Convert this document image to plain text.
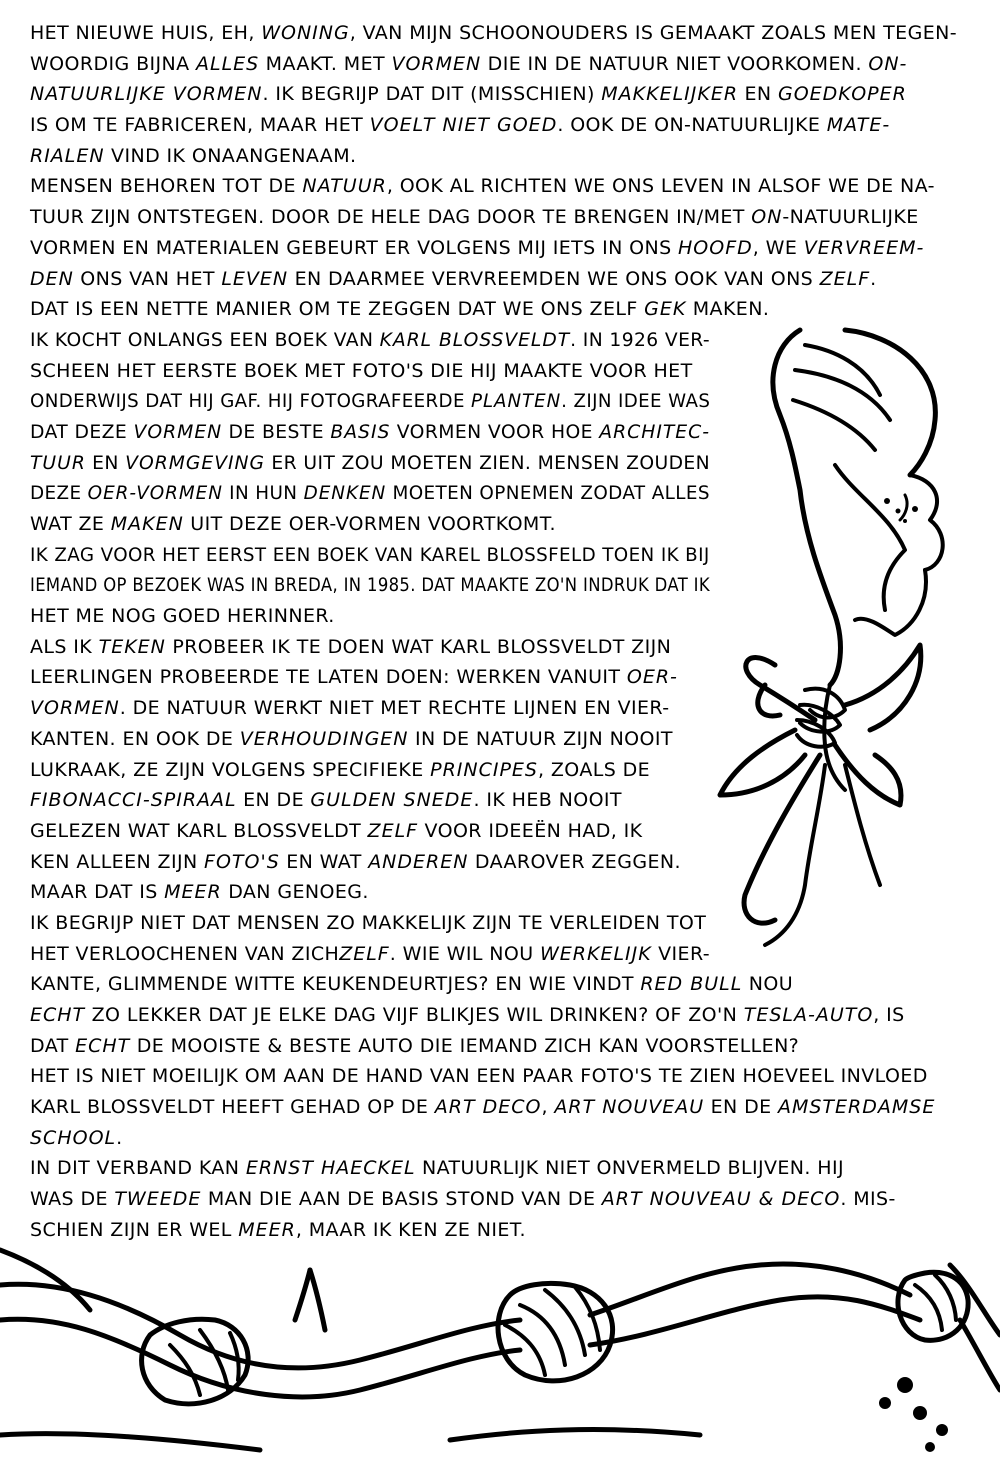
HET NIEUWE HUIS, EH, WONING, VAN MIJN SCHOONOUDERS IS GEMAAKT ZOALS MEN TEGEN-
WOORDIG BIJNA ALLES MAAKT. MET VORMEN DIE IN DE NATUUR NIET VOORKOMEN. ON-
NATUURLIJKE VORMEN. IK BEGRIJP DAT DIT (MISSCHIEN) MAKKELIJKER EN GOEDKOPER
IS OM TE FABRICEREN, MAAR HET VOELT NIET GOED. OOK DE ON-NATUURLIJKE MATE-
RIALEN VIND IK ONAANGENAAM.
MENSEN BEHOREN TOT DE NATUUR, OOK AL RICHTEN WE ONS LEVEN IN ALSOF WE DE NA-
TUUR ZIJN ONTSTEGEN. DOOR DE HELE DAG DOOR TE BRENGEN IN/MET ON-NATUURLIJKE
VORMEN EN MATERIALEN GEBEURT ER VOLGENS MIJ IETS IN ONS HOOFD, WE VERVREEM-
DEN ONS VAN HET LEVEN EN DAARMEE VERVREEMDEN WE ONS OOK VAN ONS ZELF.
DAT IS EEN NETTE MANIER OM TE ZEGGEN DAT WE ONS ZELF GEK MAKEN.
IK KOCHT ONLANGS EEN BOEK VAN KARL BLOSSVELDT. IN 1926 VER-
SCHEEN HET EERSTE BOEK MET FOTO'S DIE HIJ MAAKTE VOOR HET
ONDERWIJS DAT HIJ GAF. HIJ FOTOGRAFEERDE PLANTEN. ZIJN IDEE WAS
DAT DEZE VORMEN DE BESTE BASIS VORMEN VOOR HOE ARCHITEC-
TUUR EN VORMGEVING ER UIT ZOU MOETEN ZIEN. MENSEN ZOUDEN
DEZE OER-VORMEN IN HUN DENKEN MOETEN OPNEMEN ZODAT ALLES
WAT ZE MAKEN UIT DEZE OER-VORMEN VOORTKOMT.
IK ZAG VOOR HET EERST EEN BOEK VAN KAREL BLOSSFELD TOEN IK BIJ
IEMAND OP BEZOEK WAS IN BREDA, IN 1985. DAT MAAKTE ZO'N INDRUK DAT IK
HET ME NOG GOED HERINNER.
ALS IK TEKEN PROBEER IK TE DOEN WAT KARL BLOSSVELDT ZIJN
LEERLINGEN PROBEERDE TE LATEN DOEN: WERKEN VANUIT OER-
VORMEN. DE NATUUR WERKT NIET MET RECHTE LIJNEN EN VIER-
KANTEN. EN OOK DE VERHOUDINGEN IN DE NATUUR ZIJN NOOIT
LUKRAAK, ZE ZIJN VOLGENS SPECIFIEKE PRINCIPES, ZOALS DE
FIBONACCI-SPIRAAL EN DE GULDEN SNEDE. IK HEB NOOIT
GELEZEN WAT KARL BLOSSVELDT ZELF VOOR IDEEËN HAD, IK
KEN ALLEEN ZIJN FOTO'S EN WAT ANDEREN DAAROVER ZEGGEN.
MAAR DAT IS MEER DAN GENOEG.
IK BEGRIJP NIET DAT MENSEN ZO MAKKELIJK ZIJN TE VERLEIDEN TOT
HET VERLOOCHENEN VAN ZICHZELF. WIE WIL NOU WERKELIJK VIER-
KANTE, GLIMMENDE WITTE KEUKENDEURTJES? EN WIE VINDT RED BULL NOU
ECHT ZO LEKKER DAT JE ELKE DAG VIJF BLIKJES WIL DRINKEN? OF ZO'N TESLA-AUTO, IS
DAT ECHT DE MOOISTE & BESTE AUTO DIE IEMAND ZICH KAN VOORSTELLEN?
HET IS NIET MOEILIJK OM AAN DE HAND VAN EEN PAAR FOTO'S TE ZIEN HOEVEEL INVLOED
KARL BLOSSVELDT HEEFT GEHAD OP DE ART DECO, ART NOUVEAU EN DE AMSTERDAMSE
SCHOOL.
IN DIT VERBAND KAN ERNST HAECKEL NATUURLIJK NIET ONVERMELD BLIJVEN. HIJ
WAS DE TWEEDE MAN DIE AAN DE BASIS STOND VAN DE ART NOUVEAU & DECO. MIS-
SCHIEN ZIJN ER WEL MEER, MAAR IK KEN ZE NIET.
